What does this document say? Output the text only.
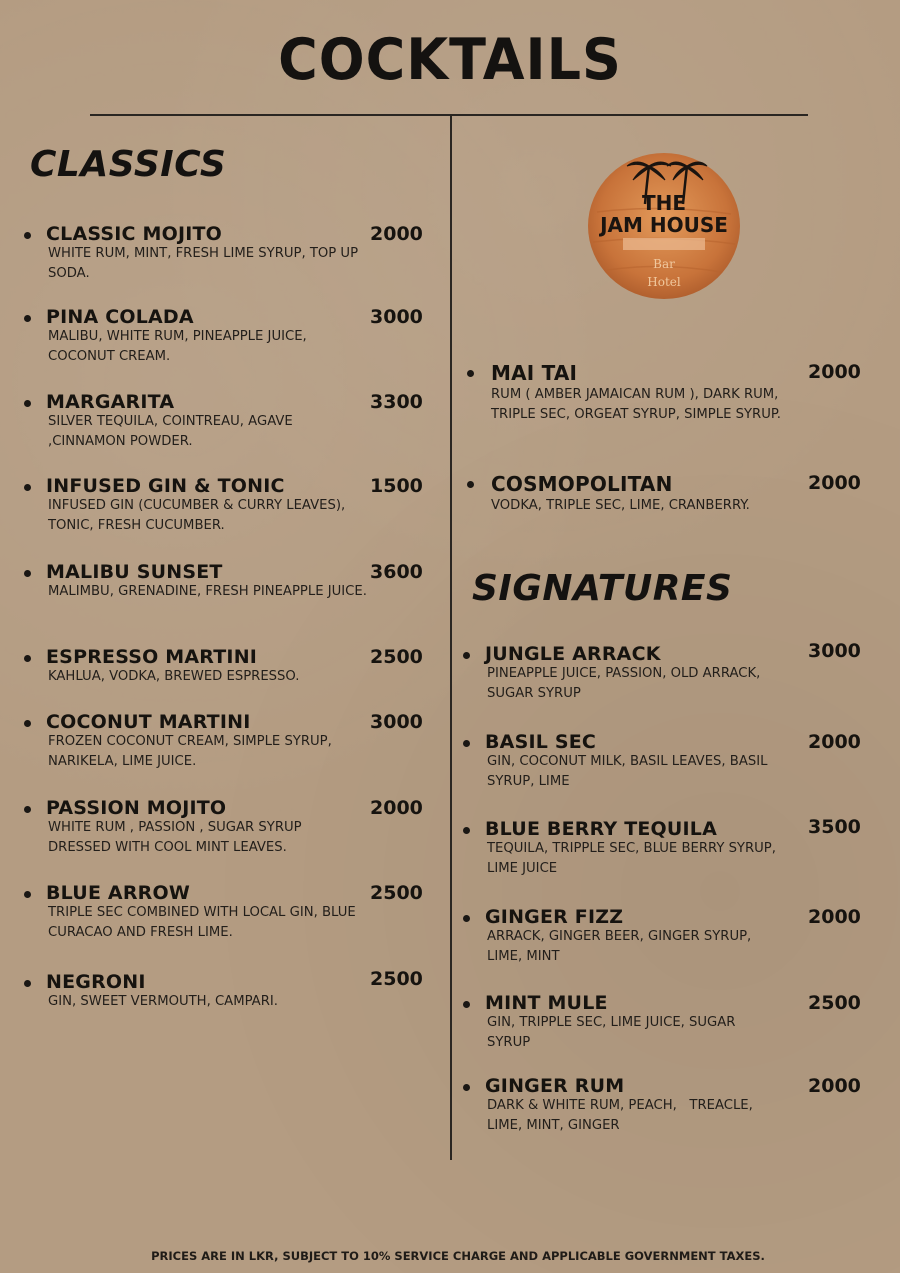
COCKTAILS
CLASSICS
SIGNATURES
THE
JAM HOUSE
Bar
Hotel
CLASSIC MOJITO	2000
WHITE RUM, MINT, FRESH LIME SYRUP, TOP UP SODA.
PINA COLADA	3000
MALIBU, WHITE RUM, PINEAPPLE JUICE, COCONUT CREAM.
MARGARITA	3300
SILVER TEQUILA, COINTREAU, AGAVE ,CINNAMON POWDER.
INFUSED GIN & TONIC	1500
INFUSED GIN (CUCUMBER & CURRY LEAVES), TONIC, FRESH CUCUMBER.
MALIBU SUNSET	3600
MALIMBU, GRENADINE, FRESH PINEAPPLE JUICE.
ESPRESSO MARTINI	2500
KAHLUA, VODKA, BREWED ESPRESSO.
COCONUT MARTINI	3000
FROZEN COCONUT CREAM, SIMPLE SYRUP, NARIKELA, LIME JUICE.
PASSION MOJITO	2000
WHITE RUM , PASSION , SUGAR SYRUP DRESSED WITH COOL MINT LEAVES.
BLUE ARROW	2500
TRIPLE SEC COMBINED WITH LOCAL GIN, BLUE CURACAO AND FRESH LIME.
NEGRONI	2500
GIN, SWEET VERMOUTH, CAMPARI.
MAI TAI	2000
RUM ( AMBER JAMAICAN RUM ), DARK RUM, TRIPLE SEC, ORGEAT SYRUP, SIMPLE SYRUP.
COSMOPOLITAN	2000
VODKA, TRIPLE SEC, LIME, CRANBERRY.
JUNGLE ARRACK	3000
PINEAPPLE JUICE, PASSION, OLD ARRACK, SUGAR SYRUP
BASIL SEC	2000
GIN, COCONUT MILK, BASIL LEAVES, BASIL SYRUP, LIME
BLUE BERRY TEQUILA	3500
TEQUILA, TRIPPLE SEC, BLUE BERRY SYRUP, LIME JUICE
GINGER FIZZ	2000
ARRACK, GINGER BEER, GINGER SYRUP, LIME, MINT
MINT MULE	2500
GIN, TRIPPLE SEC, LIME JUICE, SUGAR SYRUP
GINGER RUM	2000
DARK & WHITE RUM, PEACH,   TREACLE, LIME, MINT, GINGER
PRICES ARE IN LKR, SUBJECT TO 10% SERVICE CHARGE AND APPLICABLE GOVERNMENT TAXES.
